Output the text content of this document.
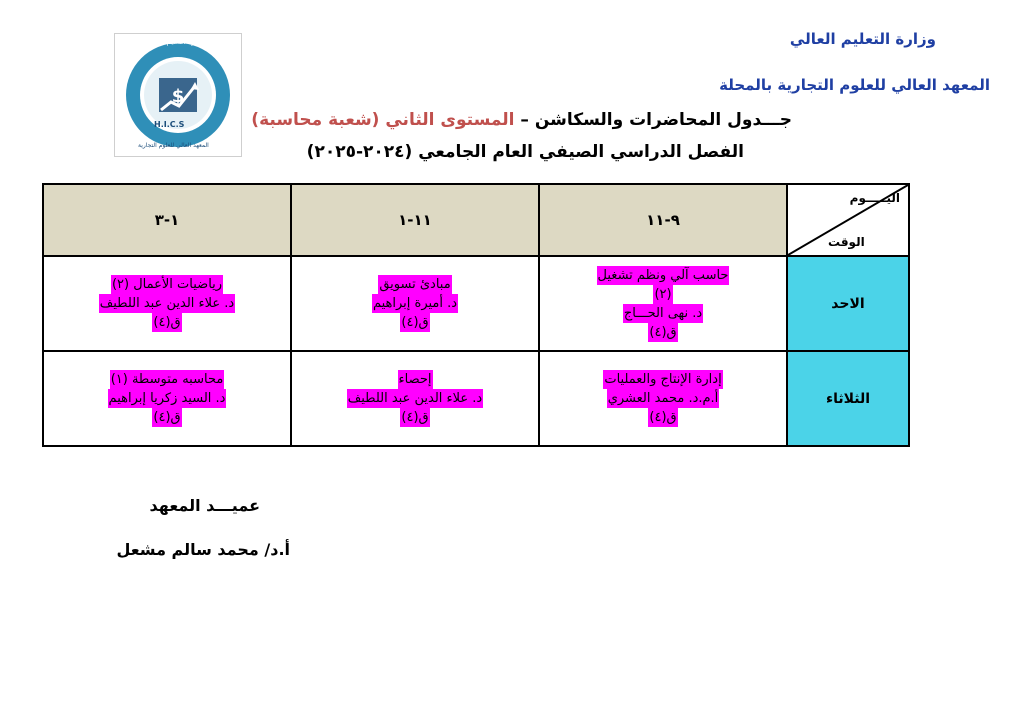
وزارة التعليم العالي
المعهد العالي للعلوم التجارية بالمحلة
جـــدول المحاضرات والسكاشن – المستوى الثاني (شعبة محاسبة)
الفصل الدراسي الصيفي العام الجامعي (٢٠٢٤-٢٠٢٥)
$
H.I.C.S
وزارة التعليم العالي
المعهد العالي للعلوم التجارية
اليـــــوم
الوقت	٩-١١	١١-١	١-٣
الاحد	حاسب آلي ونظم تشغيل
(٢)
د. نهى الحـــاج
ق(٤)	مبادئ تسويق
د. أميرة إبراهيم
ق(٤)	رياضيات الأعمال (٢)
د. علاء الدين عبد اللطيف
ق(٤)

الثلاثاء	إدارة الإنتاج والعمليات
أ.م.د. محمد العشري
ق(٤)	إحصاء
د. علاء الدين عبد اللطيف
ق(٤)	محاسبه متوسطة (١)
د. السيد زكريا إبراهيم
ق(٤)
عميـــد المعهد
أ.د/ محمد سالم مشعل
